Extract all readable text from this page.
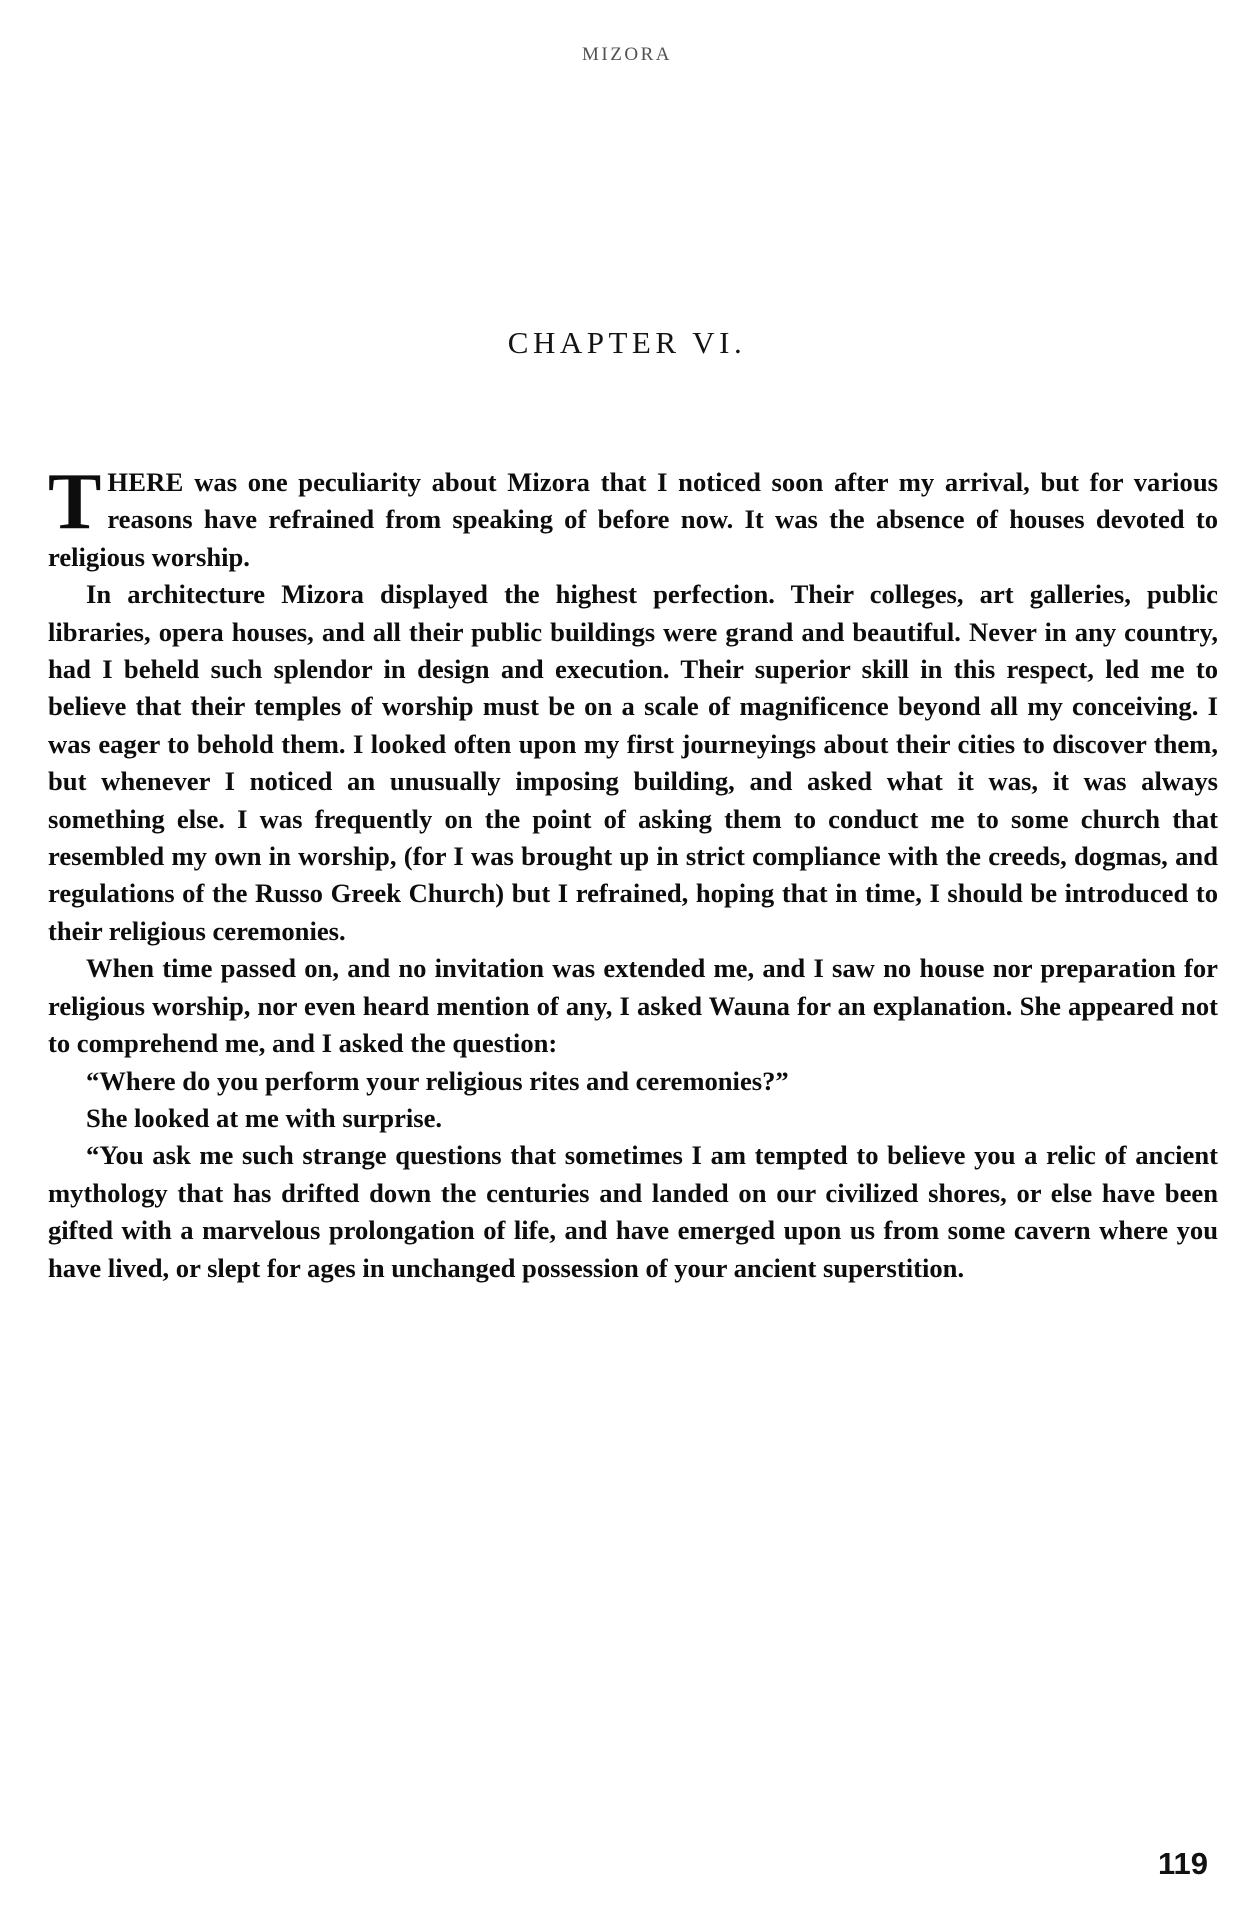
MIZORA
CHAPTER VI.

THERE was one peculiarity about Mizora that I noticed soon after my arrival, but for various reasons have refrained from speaking of before now. It was the absence of houses devoted to religious worship.

In architecture Mizora displayed the highest perfection. Their colleges, art galleries, public libraries, opera houses, and all their public buildings were grand and beautiful. Never in any country, had I beheld such splendor in design and execution. Their superior skill in this respect, led me to believe that their temples of worship must be on a scale of magnificence beyond all my conceiving. I was eager to behold them. I looked often upon my first journeyings about their cities to discover them, but whenever I noticed an unusually imposing building, and asked what it was, it was always something else. I was frequently on the point of asking them to conduct me to some church that resembled my own in worship, (for I was brought up in strict compliance with the creeds, dogmas, and regulations of the Russo Greek Church) but I refrained, hoping that in time, I should be introduced to their religious ceremonies.

When time passed on, and no invitation was extended me, and I saw no house nor preparation for religious worship, nor even heard mention of any, I asked Wauna for an explanation. She appeared not to comprehend me, and I asked the question:

“Where do you perform your religious rites and ceremonies?”

She looked at me with surprise.

“You ask me such strange questions that sometimes I am tempted to believe you a relic of ancient mythology that has drifted down the centuries and landed on our civilized shores, or else have been gifted with a marvelous prolongation of life, and have emerged upon us from some cavern where you have lived, or slept for ages in unchanged possession of your ancient superstition.

119
